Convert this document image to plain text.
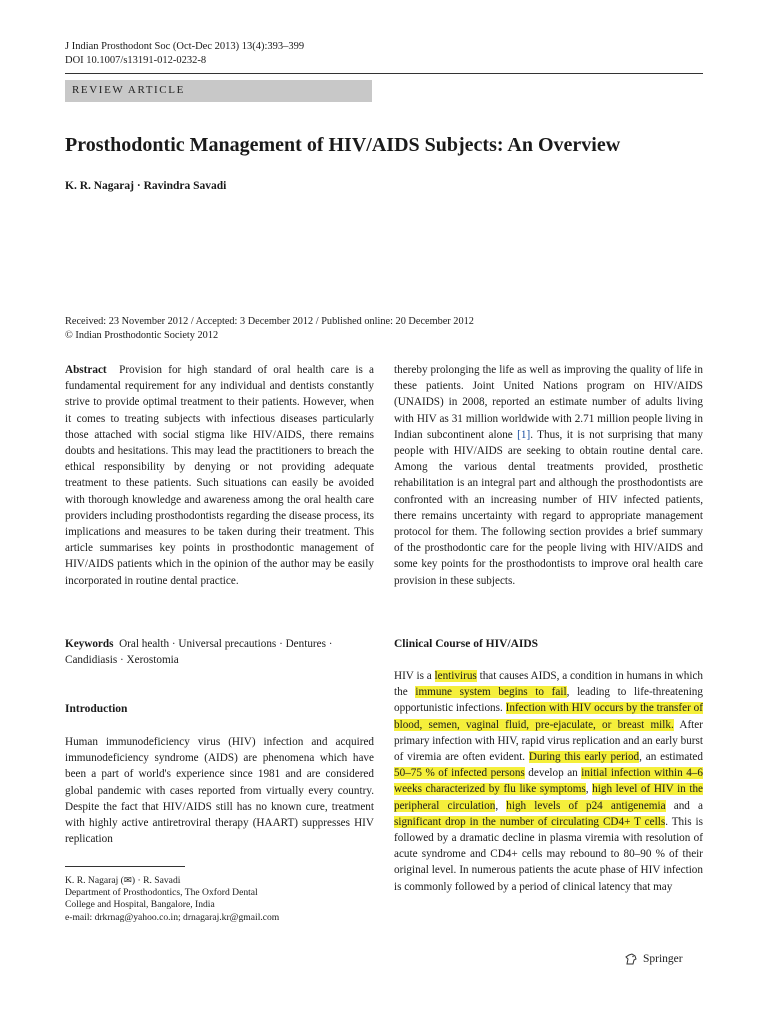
J Indian Prosthodont Soc (Oct-Dec 2013) 13(4):393–399
DOI 10.1007/s13191-012-0232-8
REVIEW ARTICLE
Prosthodontic Management of HIV/AIDS Subjects: An Overview
K. R. Nagaraj · Ravindra Savadi
Received: 23 November 2012 / Accepted: 3 December 2012 / Published online: 20 December 2012
© Indian Prosthodontic Society 2012

Abstract Provision for high standard of oral health care is a fundamental requirement for any individual and dentists constantly strive to provide optimal treatment to their patients. However, when it comes to treating subjects with infectious diseases particularly those attached with social stigma like HIV/AIDS, there remains doubts and hesitations. This may lead the practitioners to breach the ethical responsibility by denying or not providing adequate treatment to these patients. Such situations can easily be avoided with thorough knowledge and awareness among the oral health care providers including prosthodontists regarding the disease process, its implications and measures to be taken during their treatment. This article summarises key points in prosthodontic management of HIV/AIDS patients which in the opinion of the author may be easily incorporated in routine dental practice.

Keywords Oral health · Universal precautions · Dentures · Candidiasis · Xerostomia

Introduction

Human immunodeficiency virus (HIV) infection and acquired immunodeficiency syndrome (AIDS) are phenomena which have been a part of world's experience since 1981 and are considered global pandemic with cases reported from virtually every country. Despite the fact that HIV/AIDS still has no known cure, treatment with highly active antiretroviral therapy (HAART) suppresses HIV replication

K. R. Nagaraj (✉) · R. Savadi
Department of Prosthodontics, The Oxford Dental
College and Hospital, Bangalore, India
e-mail: drkrnag@yahoo.co.in; drnagaraj.kr@gmail.com

thereby prolonging the life as well as improving the quality of life in these patients. Joint United Nations program on HIV/AIDS (UNAIDS) in 2008, reported an estimate number of adults living with HIV as 31 million worldwide with 2.71 million people living in Indian subcontinent alone [1]. Thus, it is not surprising that many people with HIV/AIDS are seeking to obtain routine dental care. Among the various dental treatments provided, prosthetic rehabilitation is an integral part and although the prosthodontists are confronted with an increasing number of HIV infected patients, there remains uncertainty with regard to appropriate management protocol for them. The following section provides a brief summary of the prosthodontic care for the people living with HIV/AIDS and some key points for the prosthodontists to improve oral health care provision in these subjects.

Clinical Course of HIV/AIDS

HIV is a lentivirus that causes AIDS, a condition in humans in which the immune system begins to fail, leading to life-threatening opportunistic infections. Infection with HIV occurs by the transfer of blood, semen, vaginal fluid, pre-ejaculate, or breast milk. After primary infection with HIV, rapid virus replication and an early burst of viremia are often evident. During this early period, an estimated 50–75 % of infected persons develop an initial infection within 4–6 weeks characterized by flu like symptoms, high level of HIV in the peripheral circulation, high levels of p24 antigenemia and a significant drop in the number of circulating CD4+ T cells. This is followed by a dramatic decline in plasma viremia with resolution of acute syndrome and CD4+ cells may rebound to 80–90 % of their original level. In numerous patients the acute phase of HIV infection is commonly followed by a period of clinical latency that may

Springer
